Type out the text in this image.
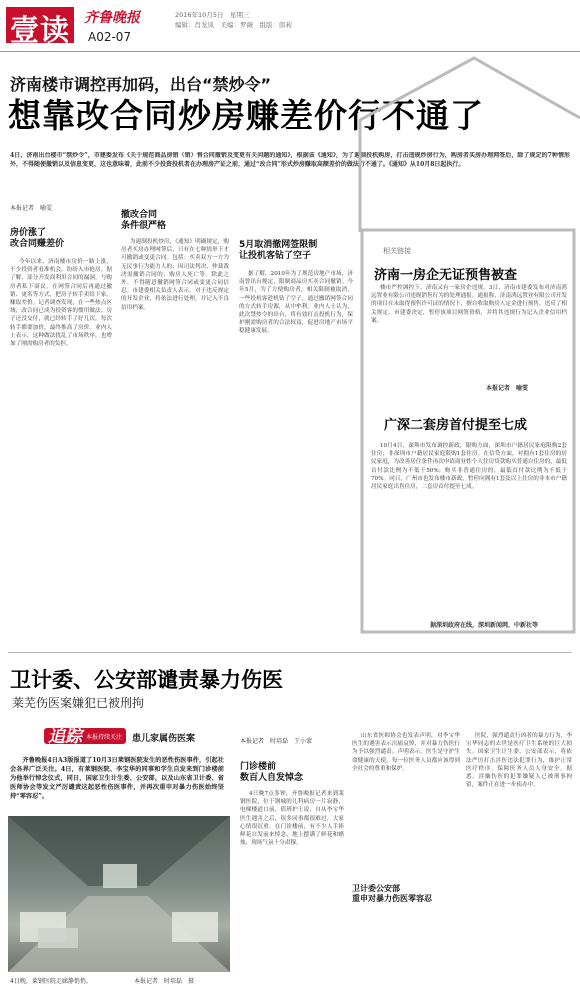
壹读 齐鲁晚报	2016年10月5日　星期三
编辑：肖龙凤　美编：罗薇　组版：郎莉
A02-07
济南楼市调控再加码，出台“禁炒令”
想靠改合同炒房赚差价行不通了
4日，济南出台楼市“禁炒令”，市建委发布《关于规范商品房销（销）售合同撤销及变更有关问题的通知》，根据该《通知》，为了遏制投机购房，打击违规炒房行为，购房者买房办理网签后，除了规定的7种情形外，不得随便撤销以及信息变更，这也意味着，此前不少投资投机者在办理房产证之前，通过“改合同”形式炒房赚取高额差价的做法行不通了。《通知》从10月8日起执行。
本报记者　喻雯
房价涨了
改合同赚差价
今年以来，济南楼市房价一路上涨，不少投资者看准机会，纷纷入市抢房。据了解，部分开发商利用合同的漏洞，与购房者私下商议，在网签合同后再通过撤销、更名等方式，把房子转手卖给下家，赚取差价。记者调查发现，在一些热点区域，改合同已成为投资客的惯用做法。房子还没交付，就已经转手了好几次，每次转手都要加价，最终推高了房价。业内人士表示，这种做法扰乱了市场秩序，也增加了刚需购房者的负担。
撤改合同
条件很严格
为遏制投机炒房，《通知》明确规定，购房者买房办理网签后，只有在七种情形下才可撤销或变更合同。包括：买卖双方一方为无民事行为能力人的；因司法判决、仲裁裁决需撤销合同的；购房人死亡等。除此之外，不得随意撤销网签合同或变更合同信息。市建委相关负责人表示，对于违反规定的开发企业，将依法进行处理，并记入不良信用档案。
5月取消撤网签限制
让投机客钻了空子
据了解，2010年为了规范房地产市场，济南曾出台规定，限制商品房买卖合同撤销。今年5月，为了方便购房者，相关限制被取消，一些投机客趁机钻了空子，通过撤销网签合同的方式转手房源，从中牟利。业内人士认为，此次禁炒令的出台，将有效打击投机行为，保护刚需购房者的合法权益，促进房地产市场平稳健康发展。
相关链接
济南一房企无证预售被查
楼市严控调控下，济南又有一家房企违规。3日，济南市建委发布对济南鸿远置业有限公司违规销售行为的处理通报。通报称，济南鸿远置业有限公司开发的项目在未取得预售许可证的情况下，擅自收取购房人定金进行预售，违反了相关规定。市建委决定，暂停该项目网签资格，并将其违规行为记入企业信用档案。
本报记者　喻雯
广深二套房首付提至七成
10月4日，深圳市发布调控新政，限购方面，深圳市户籍居民家庭限购2套住房；非深圳市户籍居民家庭限购1套住房。在信贷方面，对拥有1套住房的居民家庭，为改善居住条件再次申请商业性个人住房贷款购买普通自住房的，最低首付款比例为不低于50%；购买非普通住房的，最低首付款比例为不低于70%。同日，广州市也发布楼市新政，暂停向拥有1套及以上住房的非本市户籍居民家庭出售住房，二套房首付提至七成。
据深圳政府在线，深圳新闻网，中新社等
卫计委、公安部谴责暴力伤医
莱芜伤医案嫌犯已被刑拘
追踪 本报持续关注 患儿家属伤医案
齐鲁晚报4日A3版报道了10月3日莱钢医院发生的恶性伤医事件，引起社会各界广泛关注。4日，有莱钢医院、李宝华的同事和学生自发来到门诊楼前为他举行悼念仪式，同日，国家卫生计生委、公安部，以及山东省卫计委、省医师协会等发文严厉谴责这起恶性伤医事件，并再次重申对暴力伤医始终坚持“零容忍”。
4日晚，莱钢医院走廊静悄悄。	本报记者　时培磊　摄
本报记者　时培磊　王小蒙
门诊楼前
数百人自发悼念
4日晚7点多钟，齐鲁晚报记者来到莱钢医院，位于钢城的儿科病房一片寂静，电梯楼道口前，值班护士说，自从李宝华医生遇害之后，很多同事都很难过，大家心情很沉重。在门诊楼前，有不少人手捧鲜花自发前来悼念，地上摆满了鲜花和蜡烛，现场气氛十分肃穆。
山东省医师协会也发表声明，对李宝华医生的遇害表示沉痛哀悼，并对暴力伤医行为予以强烈谴责。声明表示，医生是守护生命健康的天使，每一位医务人员都应该得到全社会的尊重和保护。
卫计委公安部
重申对暴力伤医零容忍
医院，强烈谴责行凶者的暴力行为，李宝华同志的去世是医疗卫生系统的巨大损失。国家卫生计生委、公安部表示，将依法严厉打击涉医违法犯罪行为，维护正常医疗秩序，保障医务人员人身安全。据悉，涉嫌伤医的犯罪嫌疑人已被刑事拘留，案件正在进一步侦办中。
